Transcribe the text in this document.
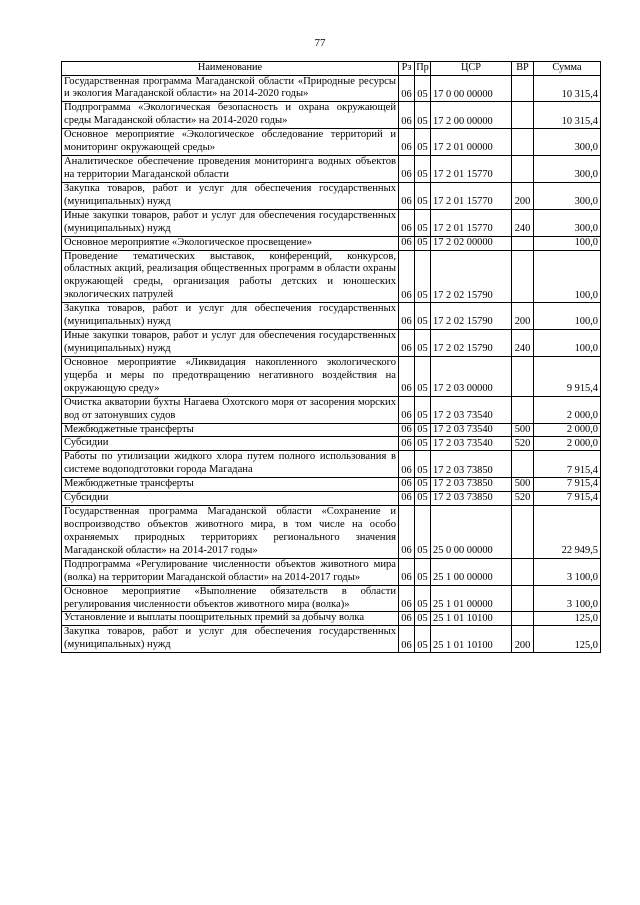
77
Наименование	Рз	Пр	ЦСР	ВР	Сумма
Государственная программа Магаданской области «Природные ресурсы и экология Магаданской области» на 2014-2020 годы»	06	05	17 0 00 00000		10 315,4
Подпрограмма «Экологическая безопасность и охрана окружающей среды Магаданской области» на 2014-2020 годы»	06	05	17 2 00 00000		10 315,4
Основное мероприятие «Экологическое обследование территорий и мониторинг окружающей среды»	06	05	17 2 01 00000		300,0
Аналитическое обеспечение проведения мониторинга водных объектов на территории Магаданской области	06	05	17 2 01 15770		300,0
Закупка товаров, работ и услуг для обеспечения государственных (муниципальных) нужд	06	05	17 2 01 15770	200	300,0
Иные закупки товаров, работ и услуг для обеспечения государственных (муниципальных) нужд	06	05	17 2 01 15770	240	300,0
Основное мероприятие «Экологическое просвещение»	06	05	17 2 02 00000		100,0
Проведение тематических выставок, конференций, конкурсов, областных акций, реализация общественных программ в области охраны окружающей среды, организация работы детских и юношеских экологических патрулей	06	05	17 2 02 15790		100,0
Закупка товаров, работ и услуг для обеспечения государственных (муниципальных) нужд	06	05	17 2 02 15790	200	100,0
Иные закупки товаров, работ и услуг для обеспечения государственных (муниципальных) нужд	06	05	17 2 02 15790	240	100,0
Основное мероприятие «Ликвидация накопленного экологического ущерба и меры по предотвращению негативного воздействия на окружающую среду»	06	05	17 2 03 00000		9 915,4
Очистка акватории бухты Нагаева Охотского моря от засорения морских вод от затонувших судов	06	05	17 2 03 73540		2 000,0
Межбюджетные трансферты	06	05	17 2 03 73540	500	2 000,0
Субсидии	06	05	17 2 03 73540	520	2 000,0
Работы по утилизации жидкого хлора путем полного использования в системе водоподготовки города Магадана	06	05	17 2 03 73850		7 915,4
Межбюджетные трансферты	06	05	17 2 03 73850	500	7 915,4
Субсидии	06	05	17 2 03 73850	520	7 915,4
Государственная программа Магаданской области «Сохранение и воспроизводство объектов животного мира, в том числе на особо охраняемых природных территориях регионального значения Магаданской области» на 2014-2017 годы»	06	05	25 0 00 00000		22 949,5
Подпрограмма «Регулирование численности объектов животного мира (волка) на территории Магаданской области» на 2014-2017 годы»	06	05	25 1 00 00000		3 100,0
Основное мероприятие «Выполнение обязательств в области регулирования численности объектов животного мира (волка)»	06	05	25 1 01 00000		3 100,0
Установление и выплаты поощрительных премий за добычу волка	06	05	25 1 01 10100		125,0
Закупка товаров, работ и услуг для обеспечения государственных (муниципальных) нужд	06	05	25 1 01 10100	200	125,0
